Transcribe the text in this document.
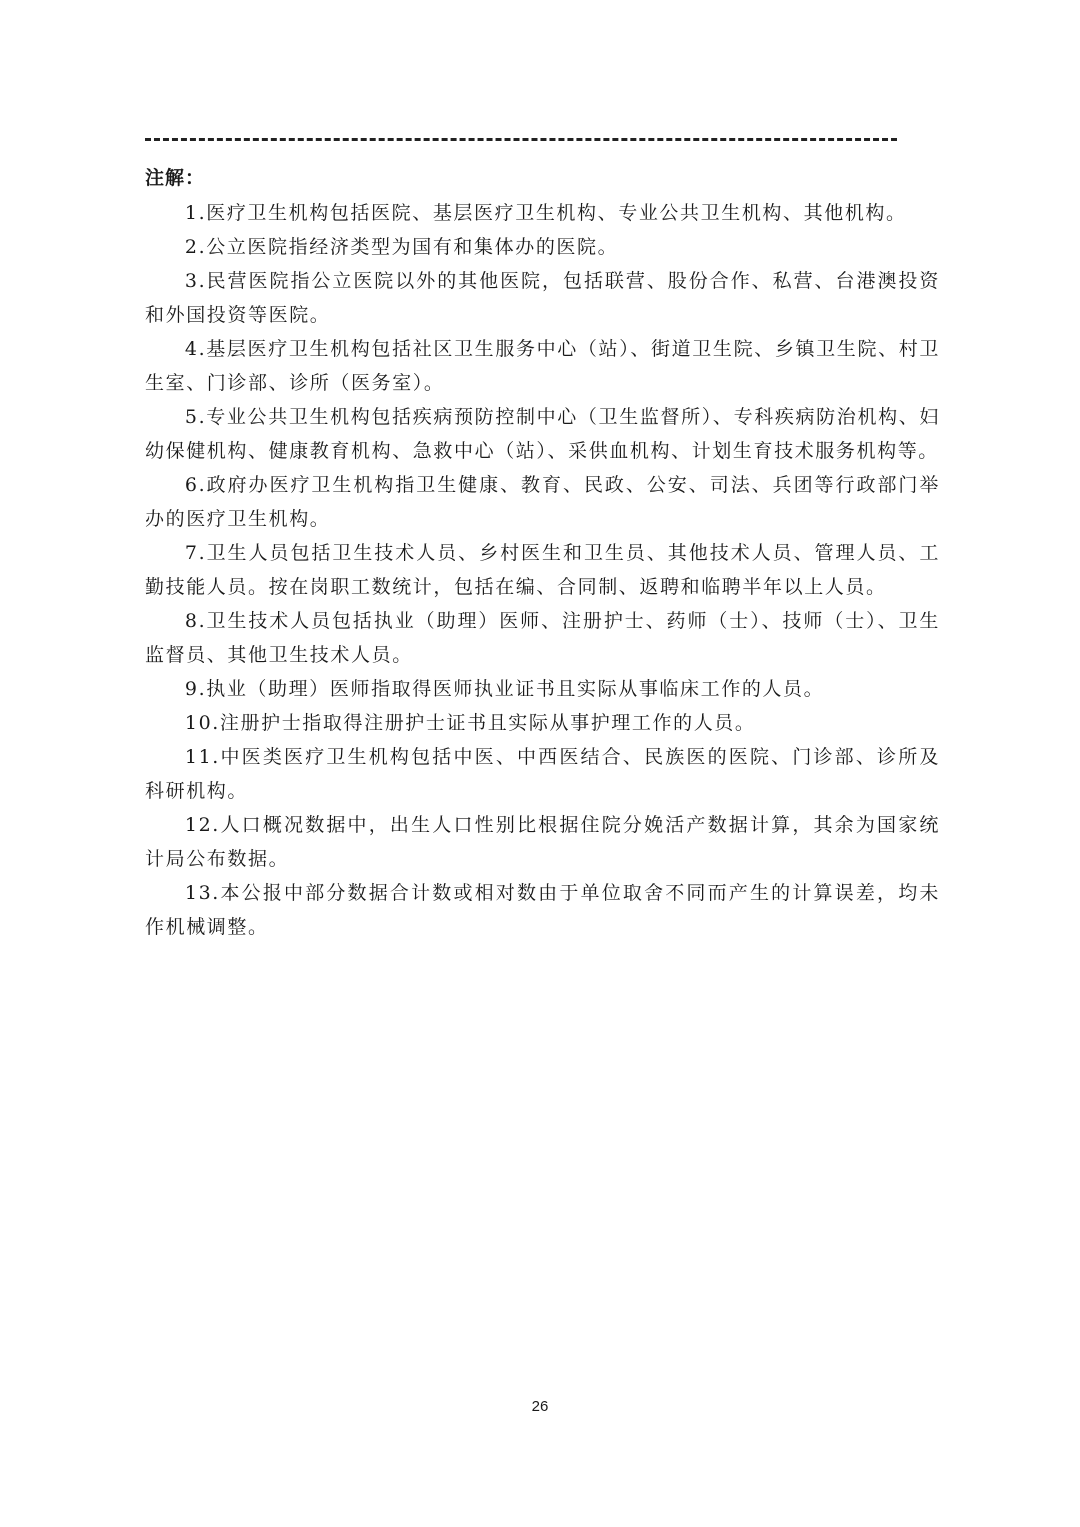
注解：
1.医疗卫生机构包括医院、基层医疗卫生机构、专业公共卫生机构、其他机构。
2.公立医院指经济类型为国有和集体办的医院。
3.民营医院指公立医院以外的其他医院，包括联营、股份合作、私营、台港澳投资和外国投资等医院。
4.基层医疗卫生机构包括社区卫生服务中心（站）、街道卫生院、乡镇卫生院、村卫生室、门诊部、诊所（医务室）。
5.专业公共卫生机构包括疾病预防控制中心（卫生监督所）、专科疾病防治机构、妇幼保健机构、健康教育机构、急救中心（站）、采供血机构、计划生育技术服务机构等。
6.政府办医疗卫生机构指卫生健康、教育、民政、公安、司法、兵团等行政部门举办的医疗卫生机构。
7.卫生人员包括卫生技术人员、乡村医生和卫生员、其他技术人员、管理人员、工勤技能人员。按在岗职工数统计，包括在编、合同制、返聘和临聘半年以上人员。
8.卫生技术人员包括执业（助理）医师、注册护士、药师（士）、技师（士）、卫生监督员、其他卫生技术人员。
9.执业（助理）医师指取得医师执业证书且实际从事临床工作的人员。
10.注册护士指取得注册护士证书且实际从事护理工作的人员。
11.中医类医疗卫生机构包括中医、中西医结合、民族医的医院、门诊部、诊所及科研机构。
12.人口概况数据中，出生人口性别比根据住院分娩活产数据计算，其余为国家统计局公布数据。
13.本公报中部分数据合计数或相对数由于单位取舍不同而产生的计算误差，均未作机械调整。
26
